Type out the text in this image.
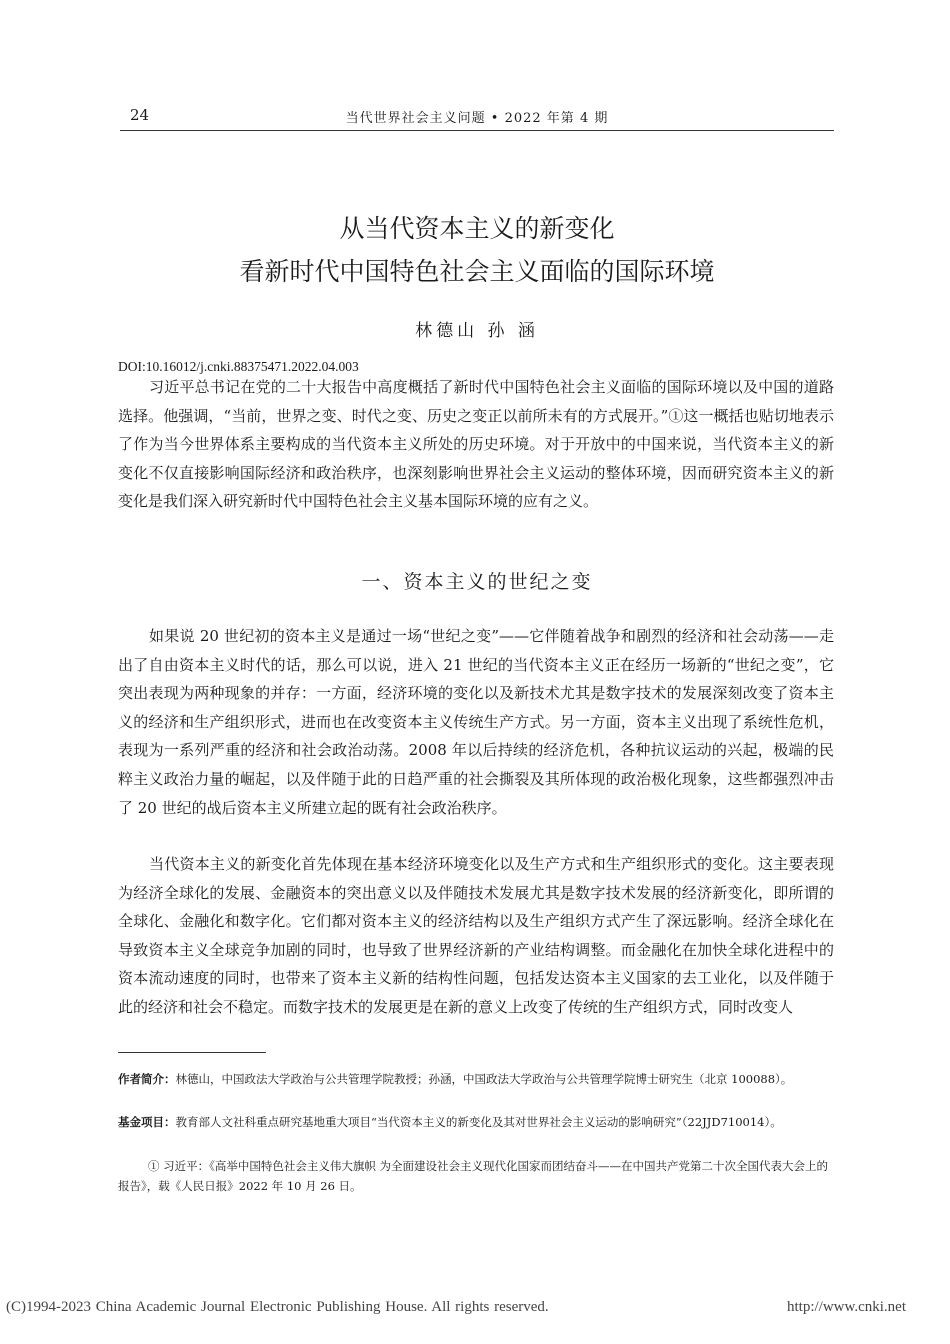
24	当代世界社会主义问题 • 2022 年第 4 期
从当代资本主义的新变化
看新时代中国特色社会主义面临的国际环境
林德山 孙 涵
DOI:10.16012/j.cnki.88375471.2022.04.003

习近平总书记在党的二十大报告中高度概括了新时代中国特色社会主义面临的国际环境以及中国的道路选择。他强调，“当前，世界之变、时代之变、历史之变正以前所未有的方式展开。”①这一概括也贴切地表示了作为当今世界体系主要构成的当代资本主义所处的历史环境。对于开放中的中国来说，当代资本主义的新变化不仅直接影响国际经济和政治秩序，也深刻影响世界社会主义运动的整体环境，因而研究资本主义的新变化是我们深入研究新时代中国特色社会主义基本国际环境的应有之义。

一、资本主义的世纪之变

如果说 20 世纪初的资本主义是通过一场“世纪之变”——它伴随着战争和剧烈的经济和社会动荡——走出了自由资本主义时代的话，那么可以说，进入 21 世纪的当代资本主义正在经历一场新的“世纪之变”，它突出表现为两种现象的并存：一方面，经济环境的变化以及新技术尤其是数字技术的发展深刻改变了资本主义的经济和生产组织形式，进而也在改变资本主义传统生产方式。另一方面，资本主义出现了系统性危机，表现为一系列严重的经济和社会政治动荡。2008 年以后持续的经济危机，各种抗议运动的兴起，极端的民粹主义政治力量的崛起，以及伴随于此的日趋严重的社会撕裂及其所体现的政治极化现象，这些都强烈冲击了 20 世纪的战后资本主义所建立起的既有社会政治秩序。

当代资本主义的新变化首先体现在基本经济环境变化以及生产方式和生产组织形式的变化。这主要表现为经济全球化的发展、金融资本的突出意义以及伴随技术发展尤其是数字技术发展的经济新变化，即所谓的全球化、金融化和数字化。它们都对资本主义的经济结构以及生产组织方式产生了深远影响。经济全球化在导致资本主义全球竞争加剧的同时，也导致了世界经济新的产业结构调整。而金融化在加快全球化进程中的资本流动速度的同时，也带来了资本主义新的结构性问题，包括发达资本主义国家的去工业化，以及伴随于此的经济和社会不稳定。而数字技术的发展更是在新的意义上改变了传统的生产组织方式，同时改变人

作者简介：林德山，中国政法大学政治与公共管理学院教授；孙涵，中国政法大学政治与公共管理学院博士研究生（北京 100088）。

基金项目：教育部人文社科重点研究基地重大项目“当代资本主义的新变化及其对世界社会主义运动的影响研究”（22JJD710014）。

① 习近平：《高举中国特色社会主义伟大旗帜 为全面建设社会主义现代化国家而团结奋斗——在中国共产党第二十次全国代表大会上的报告》，载《人民日报》2022 年 10 月 26 日。

(C)1994-2023 China Academic Journal Electronic Publishing House. All rights reserved.	http://www.cnki.net
